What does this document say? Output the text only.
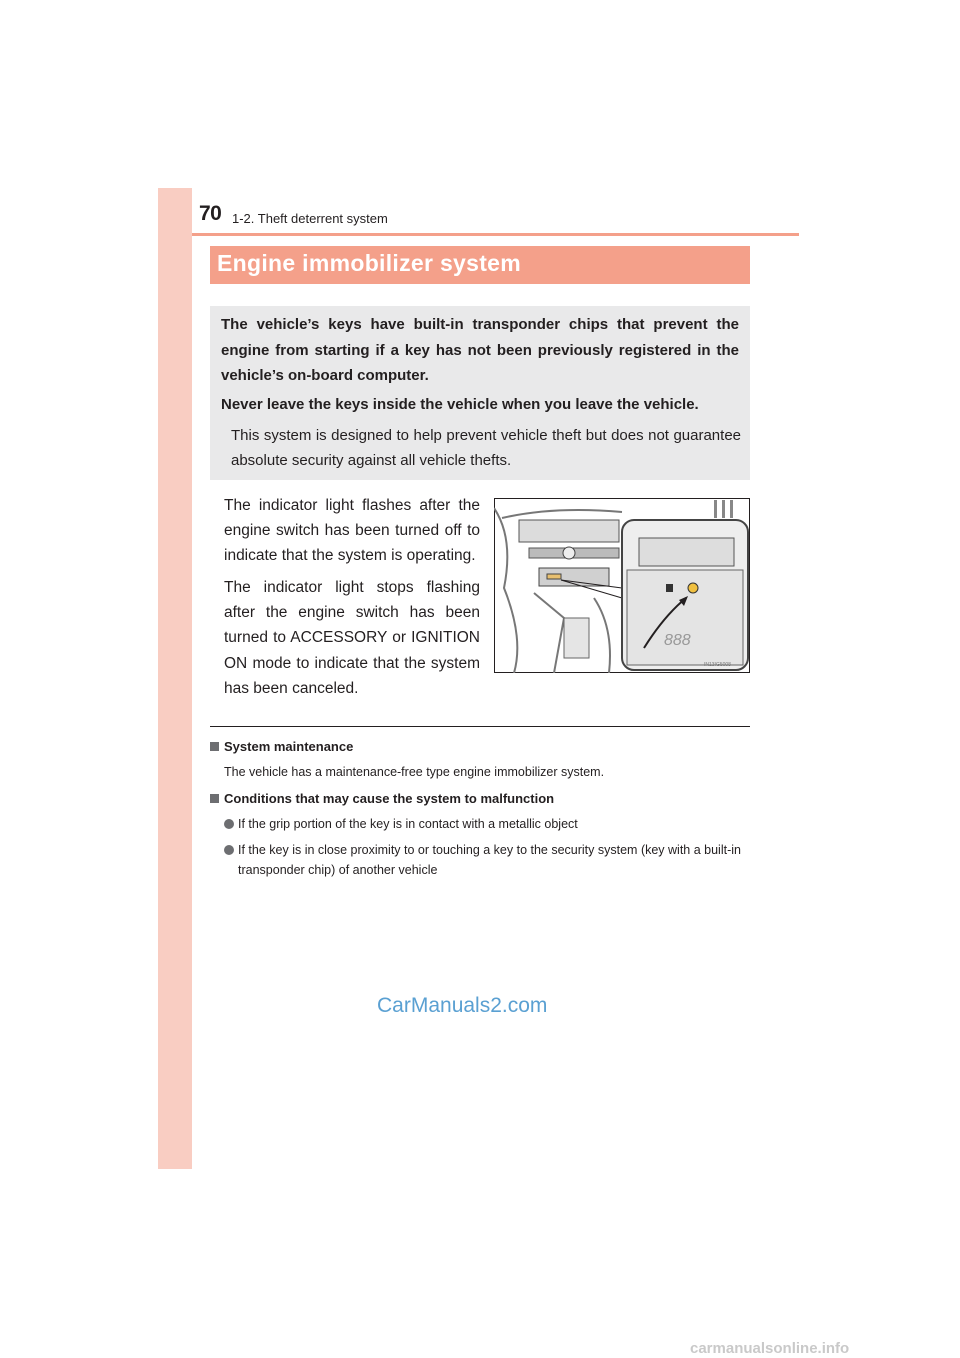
70 1-2. Theft deterrent system
Engine immobilizer system
The vehicle’s keys have built-in transponder chips that prevent the engine from starting if a key has not been previously registered in the vehicle’s on-board computer.
Never leave the keys inside the vehicle when you leave the vehicle.
This system is designed to help prevent vehicle theft but does not guarantee absolute security against all vehicle thefts.
The indicator light flashes after the engine switch has been turned off to indicate that the system is operating.
The indicator light stops flashing after the engine switch has been turned to ACCESSORY or IGNITION ON mode to indicate that the system has been canceled.
888
IN13IG5008
System maintenance
The vehicle has a maintenance-free type engine immobilizer system.
Conditions that may cause the system to malfunction
If the grip portion of the key is in contact with a metallic object
If the key is in close proximity to or touching a key to the security system (key with a built-in transponder chip) of another vehicle
CarManuals2.com
carmanualsonline.info
